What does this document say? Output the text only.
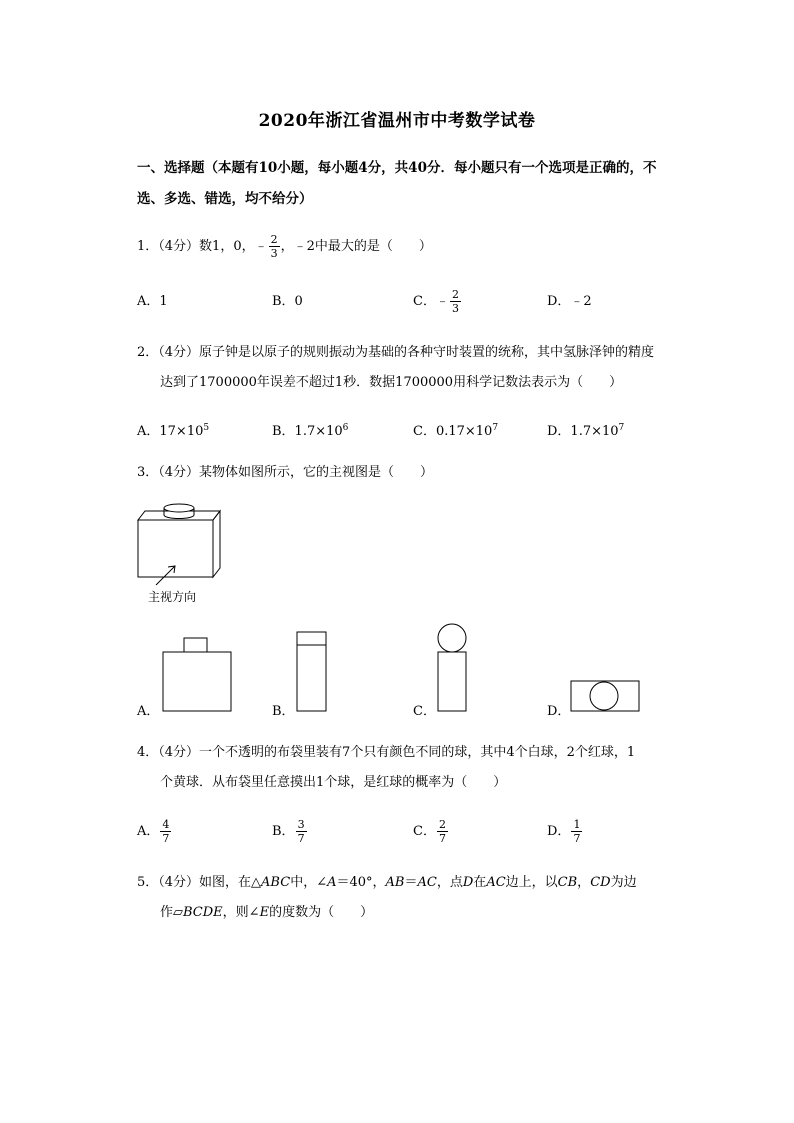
2020年浙江省温州市中考数学试卷
一、选择题（本题有10小题，每小题4分，共40分．每小题只有一个选项是正确的，不
选、多选、错选，均不给分）
1．（4分）数1，0，﹣ $\frac{2}{3}$ ，﹣2中最大的是（　　）
A．1	B．0	C．﹣ $\frac{2}{3}$	D．﹣2
2．（4分）原子钟是以原子的规则振动为基础的各种守时装置的统称，其中氢脉泽钟的精度
达到了1700000年误差不超过1秒．数据1700000用科学记数法表示为（　　）
A．$17\times 10^5$	B．$1.7\times 10^6$	C．$0.17\times 10^7$	D．$1.7\times 10^7$
3．（4分）某物体如图所示，它的主视图是（　　）
主视方向
A．	B．	C．	D．
4．（4分）一个不透明的布袋里装有7个只有颜色不同的球，其中4个白球，2个红球，1
个黄球．从布袋里任意摸出1个球，是红球的概率为（　　）
A． $\frac{4}{7}$	B． $\frac{3}{7}$	C． $\frac{2}{7}$	D． $\frac{1}{7}$
5．（4分）如图，在△ABC中，∠A＝40°，AB＝AC，点D在AC边上，以CB，CD为边
作▱BCDE，则∠E的度数为（　　）
